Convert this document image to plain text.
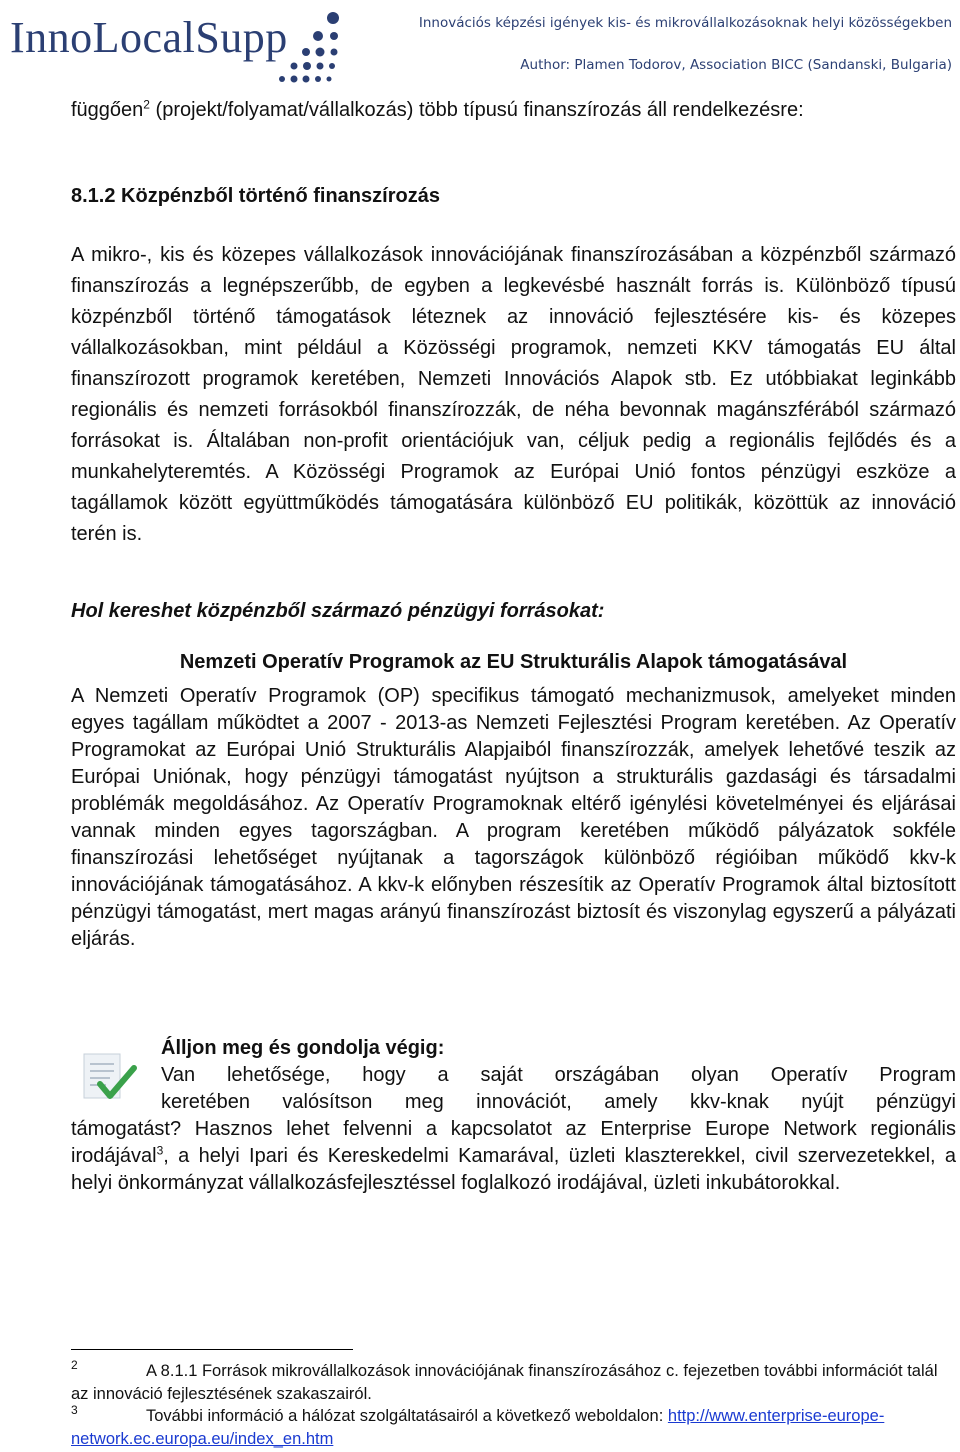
InnoLocalSupp	Innovációs képzési igények kis- és mikrovállalkozásoknak helyi közösségekben
Author: Plamen Todorov, Association BICC (Sandanski, Bulgaria)

függően$^2$ (projekt/folyamat/vállalkozás) több típusú finanszírozás áll rendelkezésre:

8.1.2 Közpénzből történő finanszírozás

A mikro-, kis és közepes vállalkozások innovációjának finanszírozásában a közpénzből származó finanszírozás a legnépszerűbb, de egyben a legkevésbé használt forrás is. Különböző típusú közpénzből történő támogatások léteznek az innováció fejlesztésére kis- és közepes vállalkozásokban, mint például a Közösségi programok, nemzeti KKV támogatás EU által finanszírozott programok keretében, Nemzeti Innovációs Alapok stb. Ez utóbbiakat leginkább regionális és nemzeti forrásokból finanszírozzák, de néha bevonnak magánszférából származó forrásokat is. Általában non-profit orientációjuk van, céljuk pedig a regionális fejlődés és a munkahelyteremtés. A Közösségi Programok az Európai Unió fontos pénzügyi eszköze a tagállamok között együttműködés támogatására különböző EU politikák, közöttük az innováció terén is.

Hol kereshet közpénzből származó pénzügyi forrásokat:
Nemzeti Operatív Programok az EU Strukturális Alapok támogatásával

A Nemzeti Operatív Programok (OP) specifikus támogató mechanizmusok, amelyeket minden egyes tagállam működtet a 2007 - 2013-as Nemzeti Fejlesztési Program keretében. Az Operatív Programokat az Európai Unió Strukturális Alapjaiból finanszírozzák, amelyek lehetővé teszik az Európai Uniónak, hogy pénzügyi támogatást nyújtson a strukturális gazdasági és társadalmi problémák megoldásához. Az Operatív Programoknak eltérő igénylési követelményei és eljárásai vannak minden egyes tagországban. A program keretében működő pályázatok sokféle finanszírozási lehetőséget nyújtanak a tagországok különböző régióiban működő kkv-k innovációjának támogatásához. A kkv-k előnyben részesítik az Operatív Programok által biztosított pénzügyi támogatást, mert magas arányú finanszírozást biztosít és viszonylag egyszerű a pályázati eljárás.

Álljon meg és gondolja végig:

Van lehetősége, hogy a saját országában olyan Operatív Program

keretében valósítson meg innovációt, amely kkv-knak nyújt pénzügyi

támogatást? Hasznos lehet felvenni a kapcsolatot az Enterprise Europe Network regionális irodájával$^3$, a helyi Ipari és Kereskedelmi Kamarával, üzleti klaszterekkel, civil szervezetekkel, a helyi önkormányzat vállalkozásfejlesztéssel foglalkozó irodájával, üzleti inkubátorokkal.

2	A 8.1.1 Források mikrovállalkozások innovációjának finanszírozásához c. fejezetben további információt talál az innováció fejlesztésének szakaszairól.

3	További információ a hálózat szolgáltatásairól a következő weboldalon: http://www.enterprise-europe-network.ec.europa.eu/index_en.htm
